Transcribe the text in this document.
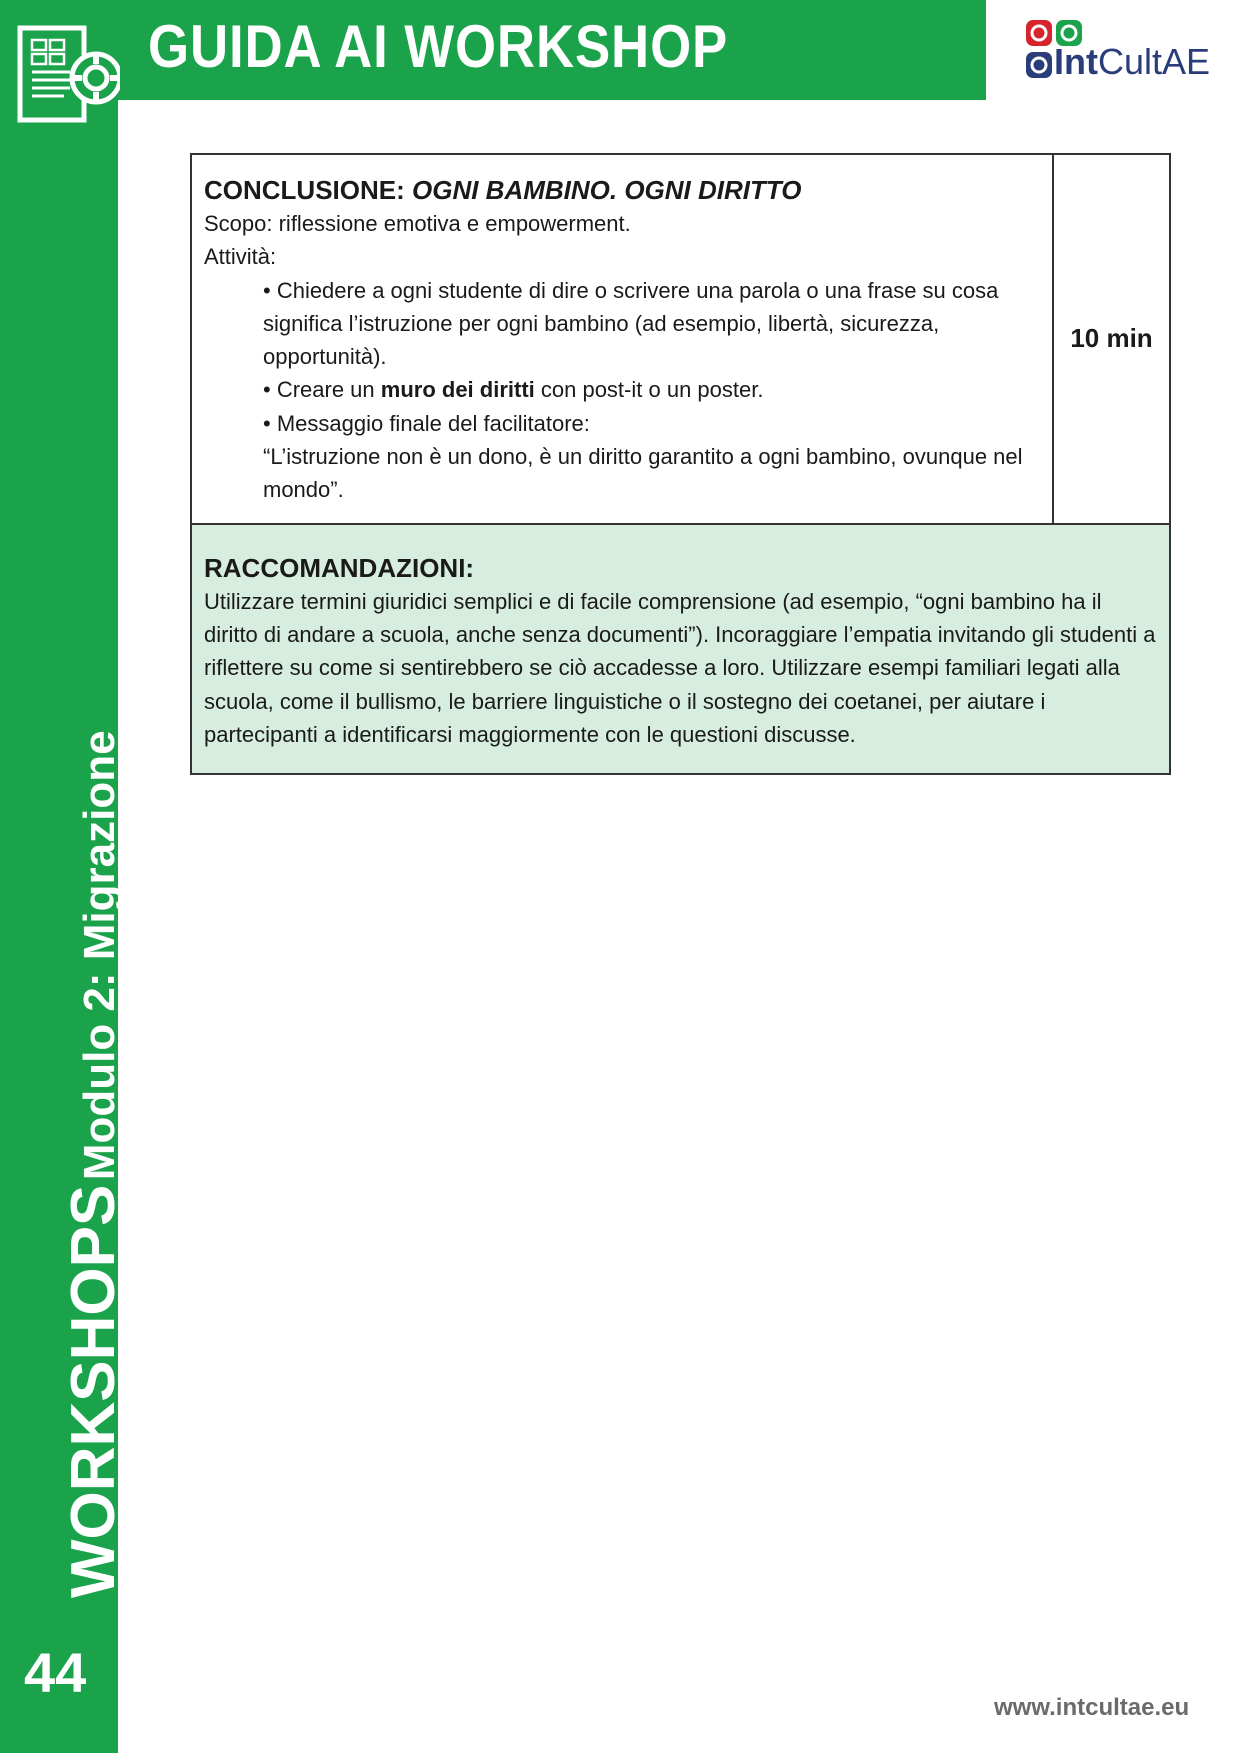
GUIDA AI WORKSHOP	IntCultAE
WORKSHOPS Modulo 2: Migrazione
44
CONCLUSIONE: OGNI BAMBINO. OGNI DIRITTO
Scopo: riflessione emotiva e empowerment.
Attività:
• Chiedere a ogni studente di dire o scrivere una parola o una frase su cosa significa l’istruzione per ogni bambino (ad esempio, libertà, sicurezza, opportunità).
• Creare un muro dei diritti con post-it o un poster.
• Messaggio finale del facilitatore:
“L’istruzione non è un dono, è un diritto garantito a ogni bambino, ovunque nel mondo”.
10 min
RACCOMANDAZIONI:
Utilizzare termini giuridici semplici e di facile comprensione (ad esempio, “ogni bambino ha il diritto di andare a scuola, anche senza documenti”). Incoraggiare l’empatia invitando gli studenti a riflettere su come si sentirebbero se ciò accadesse a loro. Utilizzare esempi familiari legati alla scuola, come il bullismo, le barriere linguistiche o il sostegno dei coetanei, per aiutare i partecipanti a identificarsi maggiormente con le questioni discusse.
www.intcultae.eu
